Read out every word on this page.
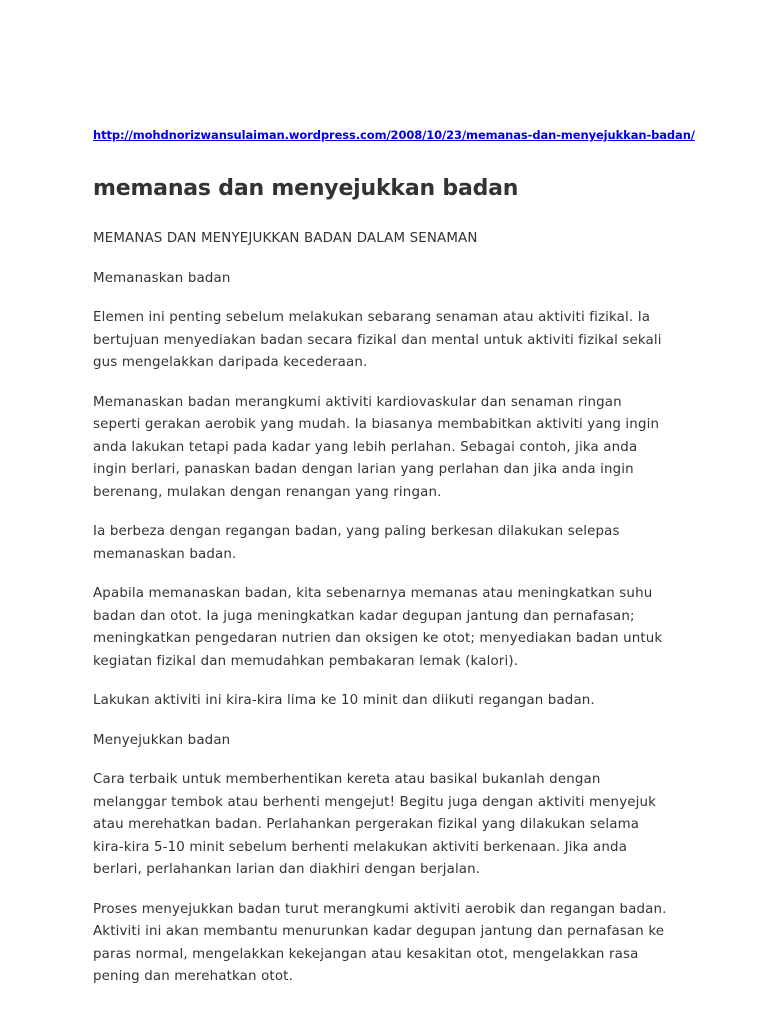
http://mohdnorizwansulaiman.wordpress.com/2008/10/23/memanas-dan-menyejukkan-badan/
memanas dan menyejukkan badan

MEMANAS DAN MENYEJUKKAN BADAN DALAM SENAMAN

Memanaskan badan

Elemen ini penting sebelum melakukan sebarang senaman atau aktiviti fizikal. Ia bertujuan menyediakan badan secara fizikal dan mental untuk aktiviti fizikal sekali gus mengelakkan daripada kecederaan.

Memanaskan badan merangkumi aktiviti kardiovaskular dan senaman ringan seperti gerakan aerobik yang mudah. Ia biasanya membabitkan aktiviti yang ingin anda lakukan tetapi pada kadar yang lebih perlahan. Sebagai contoh, jika anda ingin berlari, panaskan badan dengan larian yang perlahan dan jika anda ingin berenang, mulakan dengan renangan yang ringan.

Ia berbeza dengan regangan badan, yang paling berkesan dilakukan selepas memanaskan badan.

Apabila memanaskan badan, kita sebenarnya memanas atau meningkatkan suhu badan dan otot. Ia juga meningkatkan kadar degupan jantung dan pernafasan; meningkatkan pengedaran nutrien dan oksigen ke otot; menyediakan badan untuk kegiatan fizikal dan memudahkan pembakaran lemak (kalori).

Lakukan aktiviti ini kira-kira lima ke 10 minit dan diikuti regangan badan.

Menyejukkan badan

Cara terbaik untuk memberhentikan kereta atau basikal bukanlah dengan melanggar tembok atau berhenti mengejut! Begitu juga dengan aktiviti menyejuk atau merehatkan badan. Perlahankan pergerakan fizikal yang dilakukan selama kira-kira 5-10 minit sebelum berhenti melakukan aktiviti berkenaan. Jika anda berlari, perlahankan larian dan diakhiri dengan berjalan.

Proses menyejukkan badan turut merangkumi aktiviti aerobik dan regangan badan. Aktiviti ini akan membantu menurunkan kadar degupan jantung dan pernafasan ke paras normal, mengelakkan kekejangan atau kesakitan otot, mengelakkan rasa pening dan merehatkan otot.
